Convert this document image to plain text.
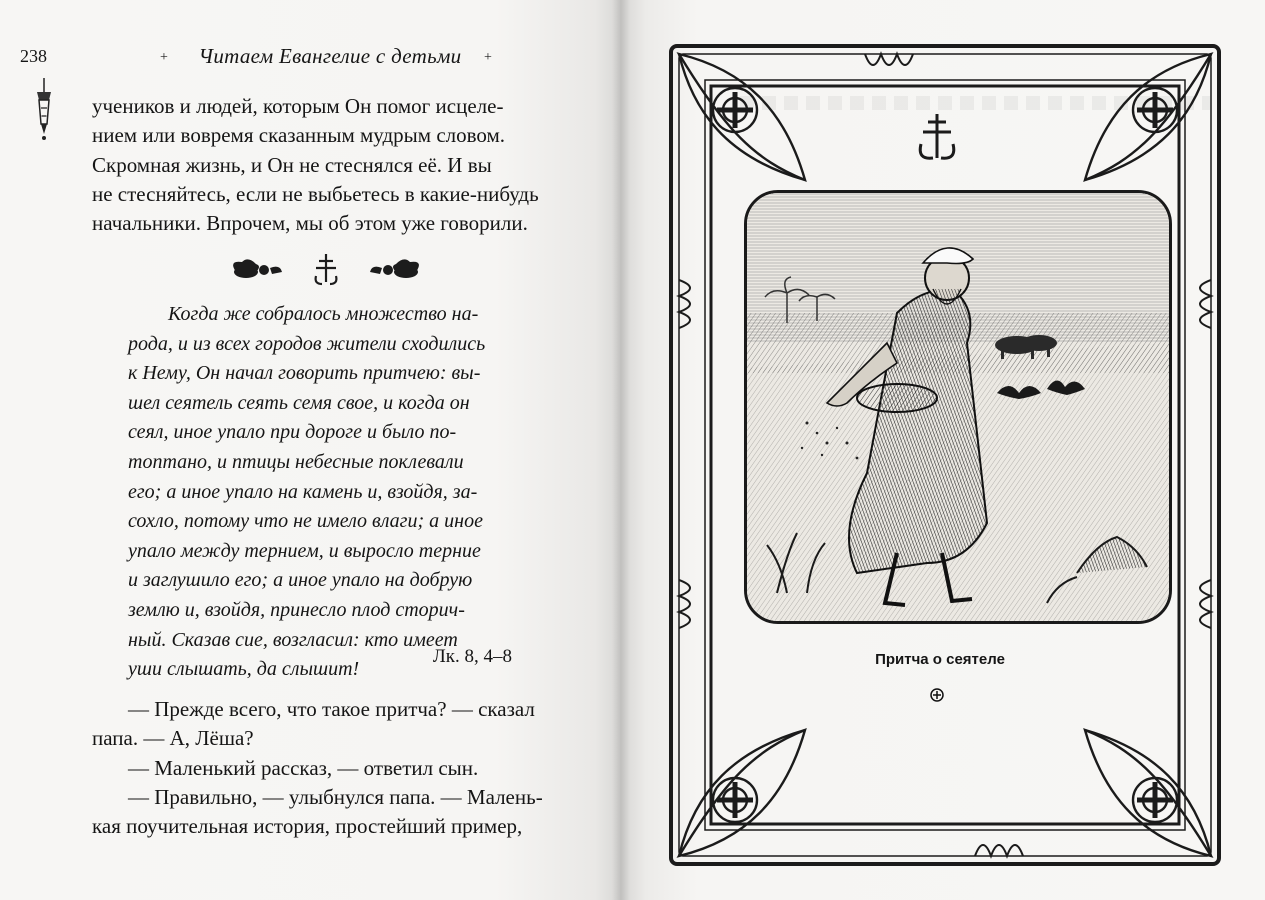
238	+	Читаем Евангелие с детьми	+

учеников и людей, которым Он помог исцеле-

нием или вовремя сказанным мудрым словом.

Скромная жизнь, и Он не стеснялся её. И вы

не стесняйтесь, если не выбьетесь в какие-нибудь

начальники. Впрочем, мы об этом уже говорили.

Когда же собралось множество на-
рода, и из всех городов жители сходились
к Нему, Он начал говорить притчею: вы-
шел сеятель сеять семя свое, и когда он
сеял, иное упало при дороге и было по-
топтано, и птицы небесные поклевали
его; а иное упало на камень и, взойдя, за-
сохло, потому что не имело влаги; а иное
упало между тернием, и выросло терние
и заглушило его; а иное упало на добрую
землю и, взойдя, принесло плод сторич-
ный. Сказав сие, возгласил: кто имеет
уши слышать, да слышит!
Лк. 8, 4–8
— Прежде всего, что такое притча? — сказал
папа. — А, Лёша?
— Маленький рассказ, — ответил сын.
— Правильно, — улыбнулся папа. — Малень-
кая поучительная история, простейший пример,
Притча о сеятеле
